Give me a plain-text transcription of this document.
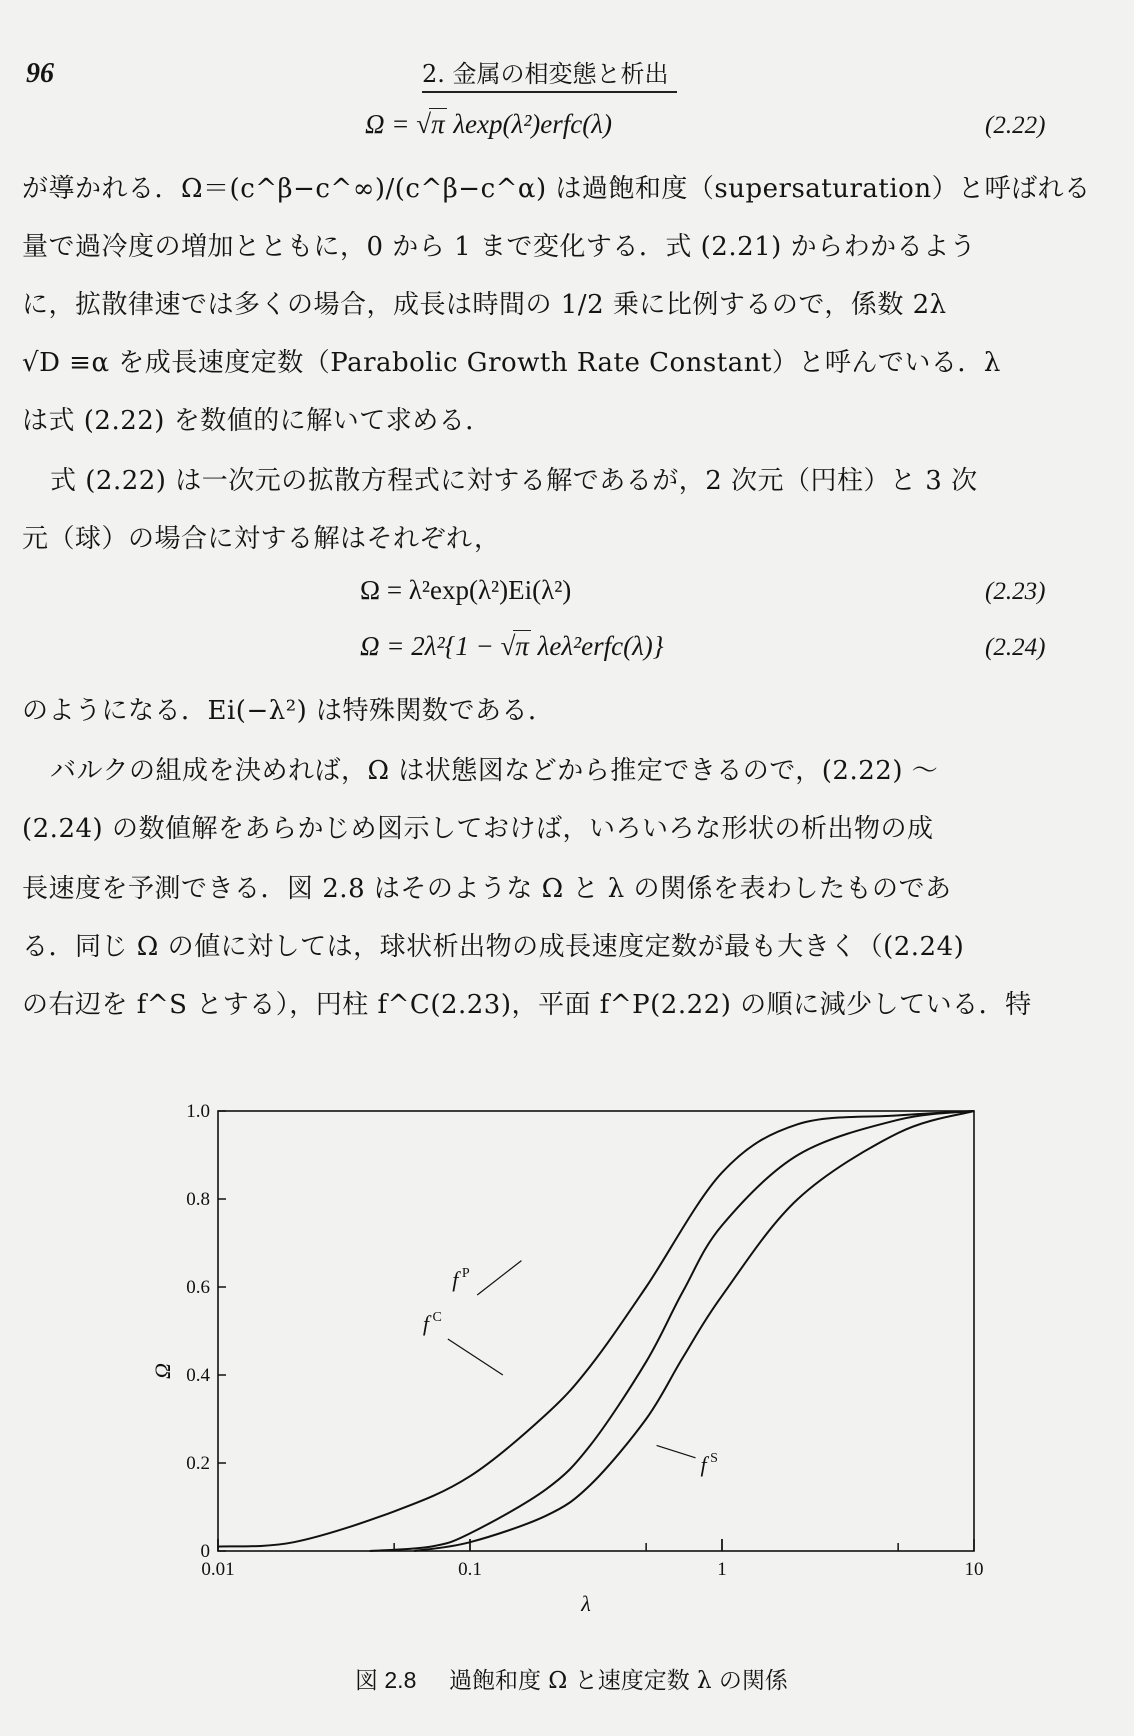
96	2. 金属の相変態と析出
Ω = √π λexp(λ²)erfc(λ)	(2.22)
が導かれる．Ω＝(c^β−c^∞)/(c^β−c^α) は過飽和度（supersaturation）と呼ばれる
量で過冷度の増加とともに，0 から 1 まで変化する．式 (2.21) からわかるよう
に，拡散律速では多くの場合，成長は時間の 1/2 乗に比例するので，係数 2λ
√D ≡α を成長速度定数（Parabolic Growth Rate Constant）と呼んでいる．λ
は式 (2.22) を数値的に解いて求める．
式 (2.22) は一次元の拡散方程式に対する解であるが，2 次元（円柱）と 3 次
元（球）の場合に対する解はそれぞれ，
Ω = λ²exp(λ²)Ei(λ²)	(2.23)
Ω = 2λ²{1 − √π λeλ²erfc(λ)}	(2.24)
のようになる．Ei(−λ²) は特殊関数である．
バルクの組成を決めれば，Ω は状態図などから推定できるので，(2.22) ～
(2.24) の数値解をあらかじめ図示しておけば，いろいろな形状の析出物の成
長速度を予測できる．図 2.8 はそのような Ω と λ の関係を表わしたものであ
る．同じ Ω の値に対しては，球状析出物の成長速度定数が最も大きく（(2.24)
の右辺を f^S とする），円柱 f^C(2.23)，平面 f^P(2.22) の順に減少している．特
0
0.2
0.4
0.6
0.8
1.0
0.01	0.1	1	10
λ
Ω
f $^P$
f $^C$
f $^S$
図 2.8 過飽和度 Ω と速度定数 λ の関係
